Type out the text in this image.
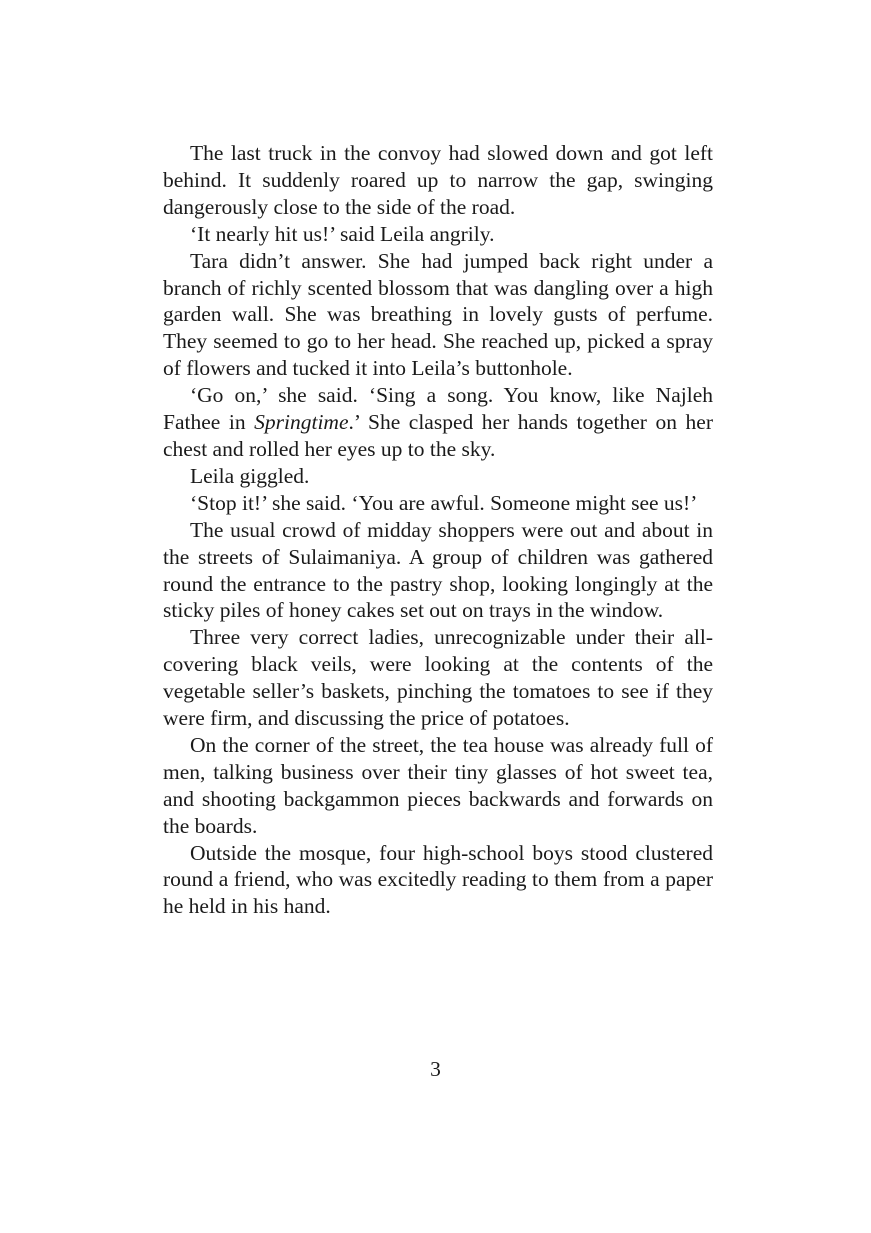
The last truck in the convoy had slowed down and got left behind. It suddenly roared up to narrow the gap, swinging dangerously close to the side of the road.

‘It nearly hit us!’ said Leila angrily.

Tara didn’t answer. She had jumped back right under a branch of richly scented blossom that was dangling over a high garden wall. She was breathing in lovely gusts of perfume. They seemed to go to her head. She reached up, picked a spray of flowers and tucked it into Leila’s buttonhole.

‘Go on,’ she said. ‘Sing a song. You know, like Najleh Fathee in Springtime.’ She clasped her hands together on her chest and rolled her eyes up to the sky.

Leila giggled.

‘Stop it!’ she said. ‘You are awful. Someone might see us!’

The usual crowd of midday shoppers were out and about in the streets of Sulaimaniya. A group of children was gathered round the entrance to the pastry shop, looking longingly at the sticky piles of honey cakes set out on trays in the window.

Three very correct ladies, unrecognizable under their all-covering black veils, were looking at the contents of the vegetable seller’s baskets, pinching the tomatoes to see if they were firm, and discussing the price of potatoes.

On the corner of the street, the tea house was already full of men, talking business over their tiny glasses of hot sweet tea, and shooting backgammon pieces backwards and forwards on the boards.

Outside the mosque, four high-school boys stood clustered round a friend, who was excitedly reading to them from a paper he held in his hand.

3
